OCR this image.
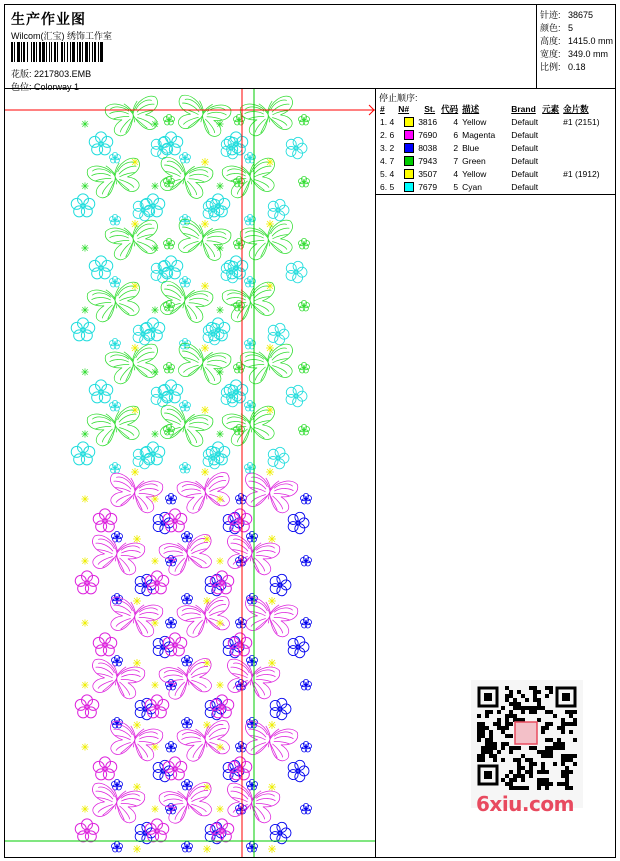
生产作业图
Wilcom(汇宝) 绣饰工作室
花版: 2217803.EMB
色位: Colorway 1
针迹: 38675
颜色: 5
高度: 1415.0 mm
宽度: 349.0 mm
比例: 0.18
停止顺序:
#	N#	St.	代码	描述	Brand	元素	金片数
1. 4		3816	4	Yellow	Default		#1 (2151)
2. 6		7690	6	Magenta	Default		
3. 2		8038	2	Blue	Default		
4. 7		7943	7	Green	Default		
5. 4		3507	4	Yellow	Default		#1 (1912)
6. 5		7679	5	Cyan	Default		
6xiu.com
